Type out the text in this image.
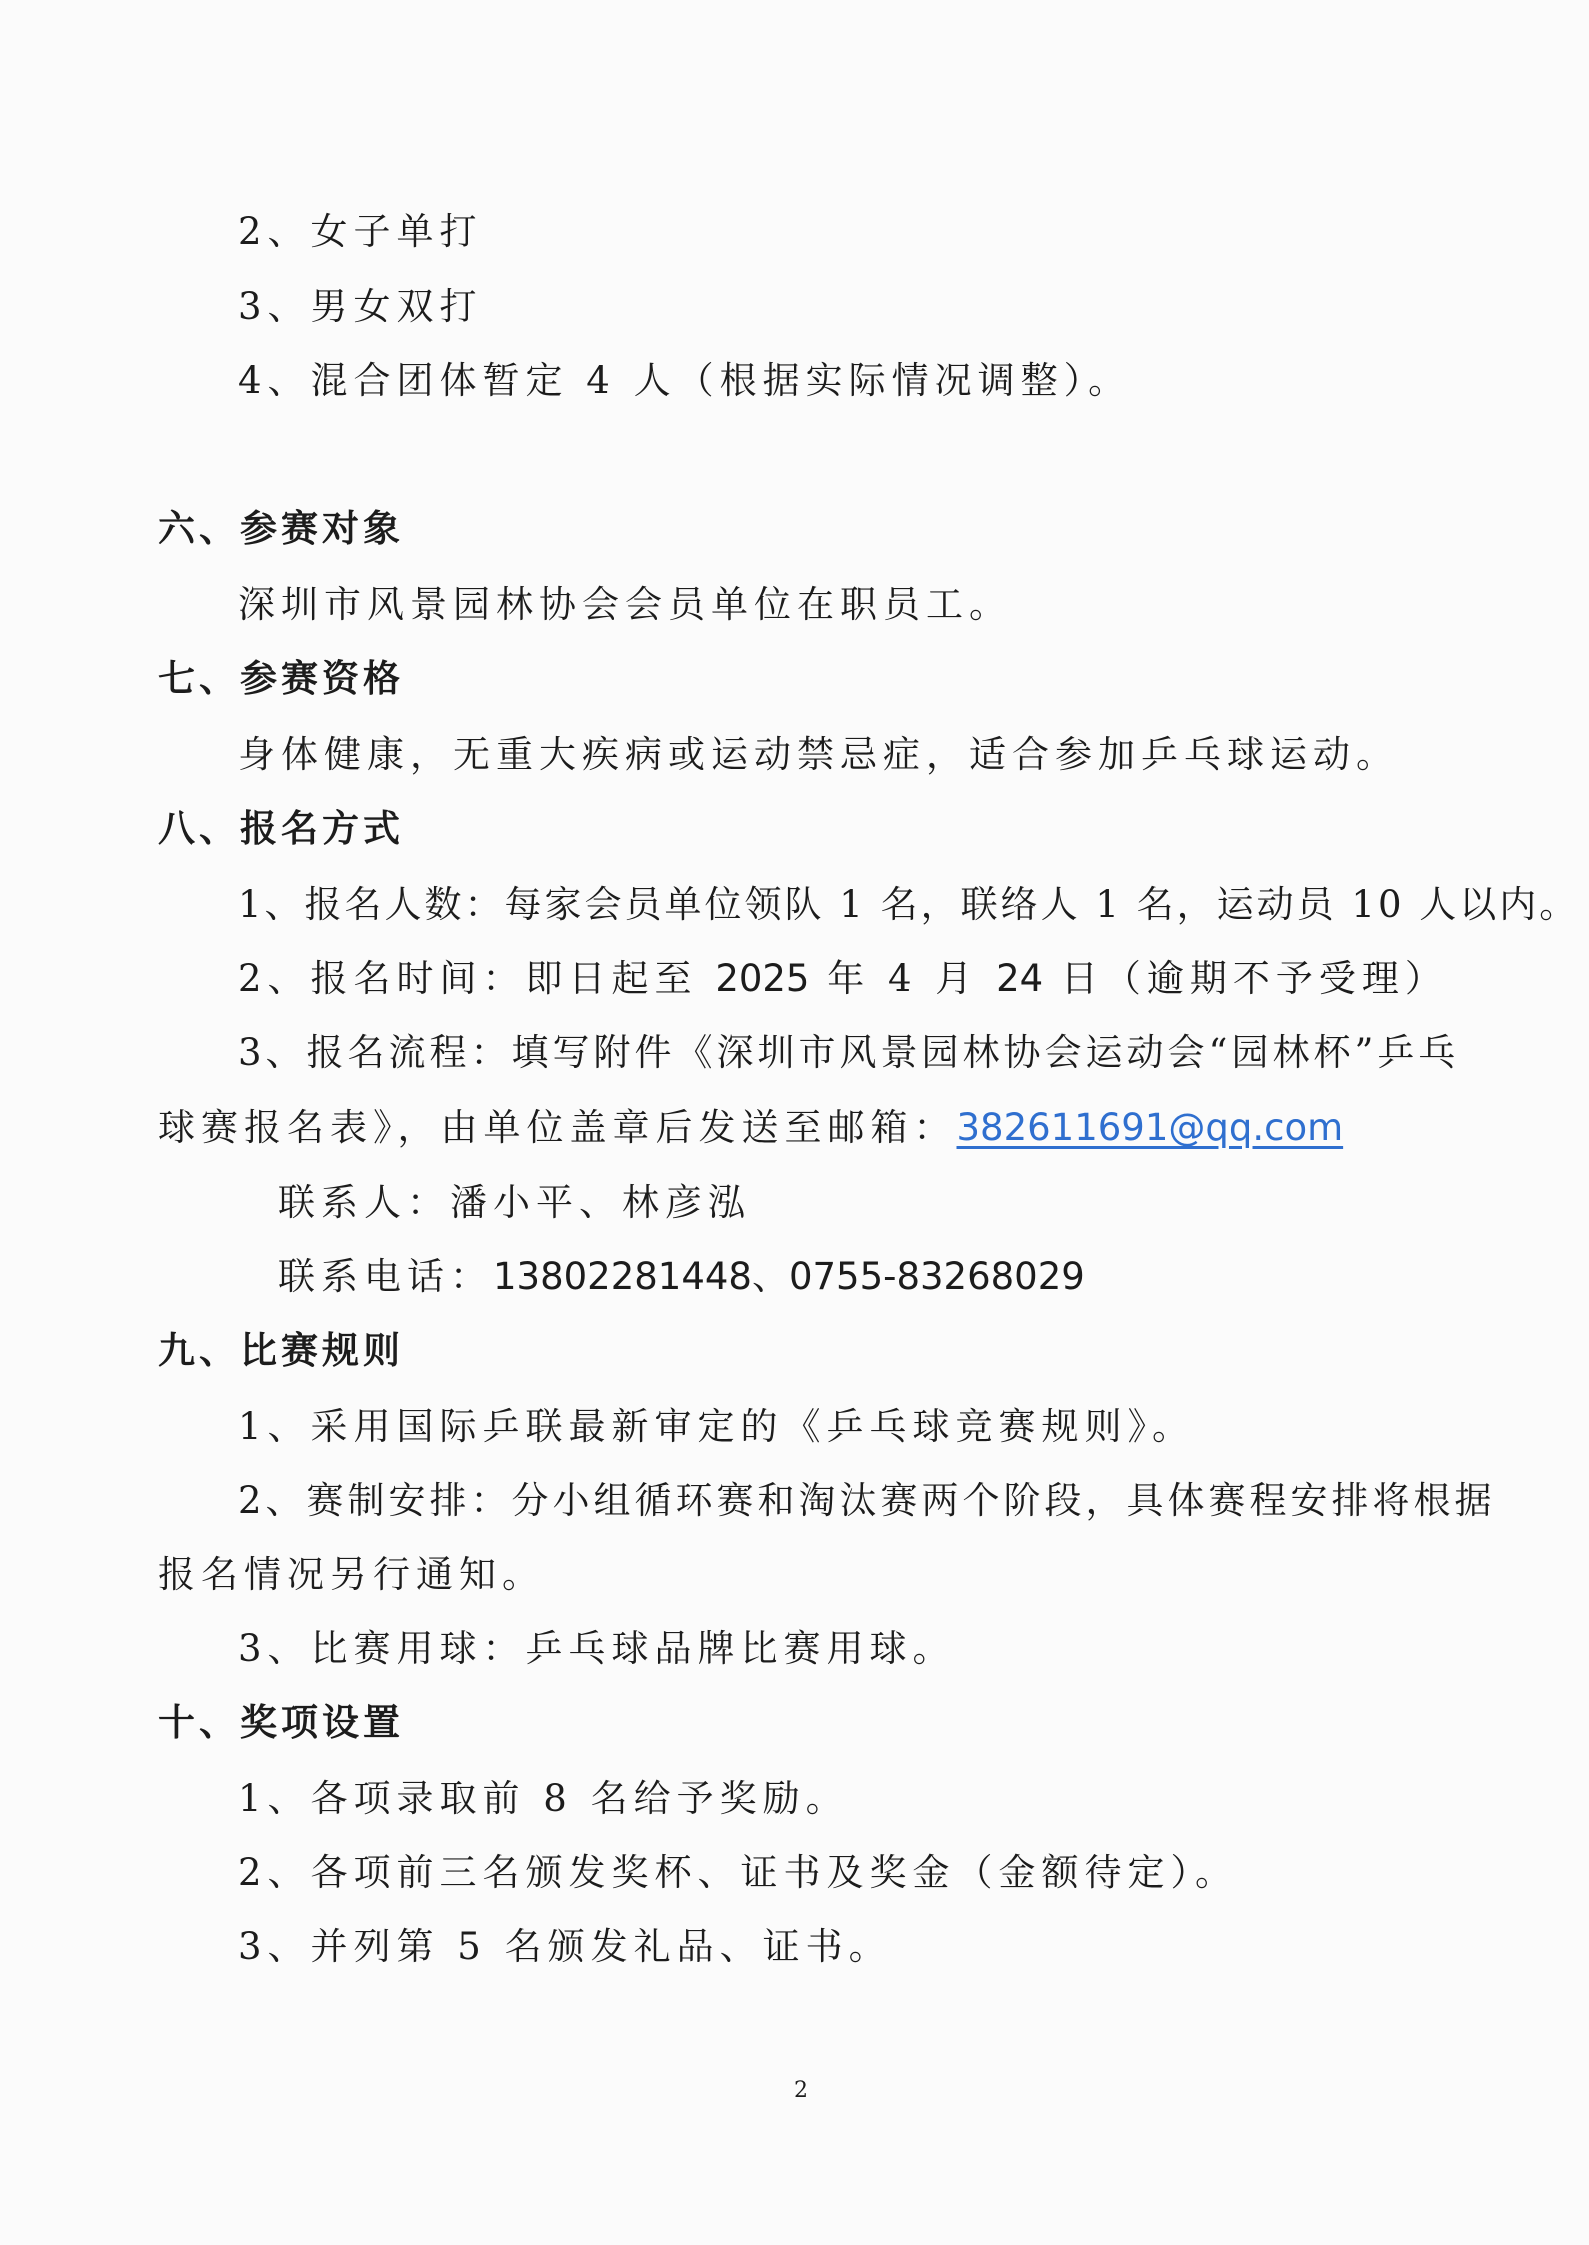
2、女子单打
3、男女双打
4、混合团体暂定 4 人（根据实际情况调整）。
六、参赛对象
深圳市风景园林协会会员单位在职员工。
七、参赛资格
身体健康，无重大疾病或运动禁忌症，适合参加乒乓球运动。
八、报名方式
1、报名人数：每家会员单位领队 1 名，联络人 1 名，运动员 10 人以内。
2、报名时间：即日起至 2025 年 4 月 24 日（逾期不予受理）
3、报名流程：填写附件《深圳市风景园林协会运动会“园林杯”乒乓
球赛报名表》，由单位盖章后发送至邮箱：382611691@qq.com
联系人：潘小平、林彦泓
联系电话：13802281448、0755-83268029
九、比赛规则
1、采用国际乒联最新审定的《乒乓球竞赛规则》。
2、赛制安排：分小组循环赛和淘汰赛两个阶段，具体赛程安排将根据
报名情况另行通知。
3、比赛用球：乒乓球品牌比赛用球。
十、奖项设置
1、各项录取前 8 名给予奖励。
2、各项前三名颁发奖杯、证书及奖金（金额待定）。
3、并列第 5 名颁发礼品、证书。
2
